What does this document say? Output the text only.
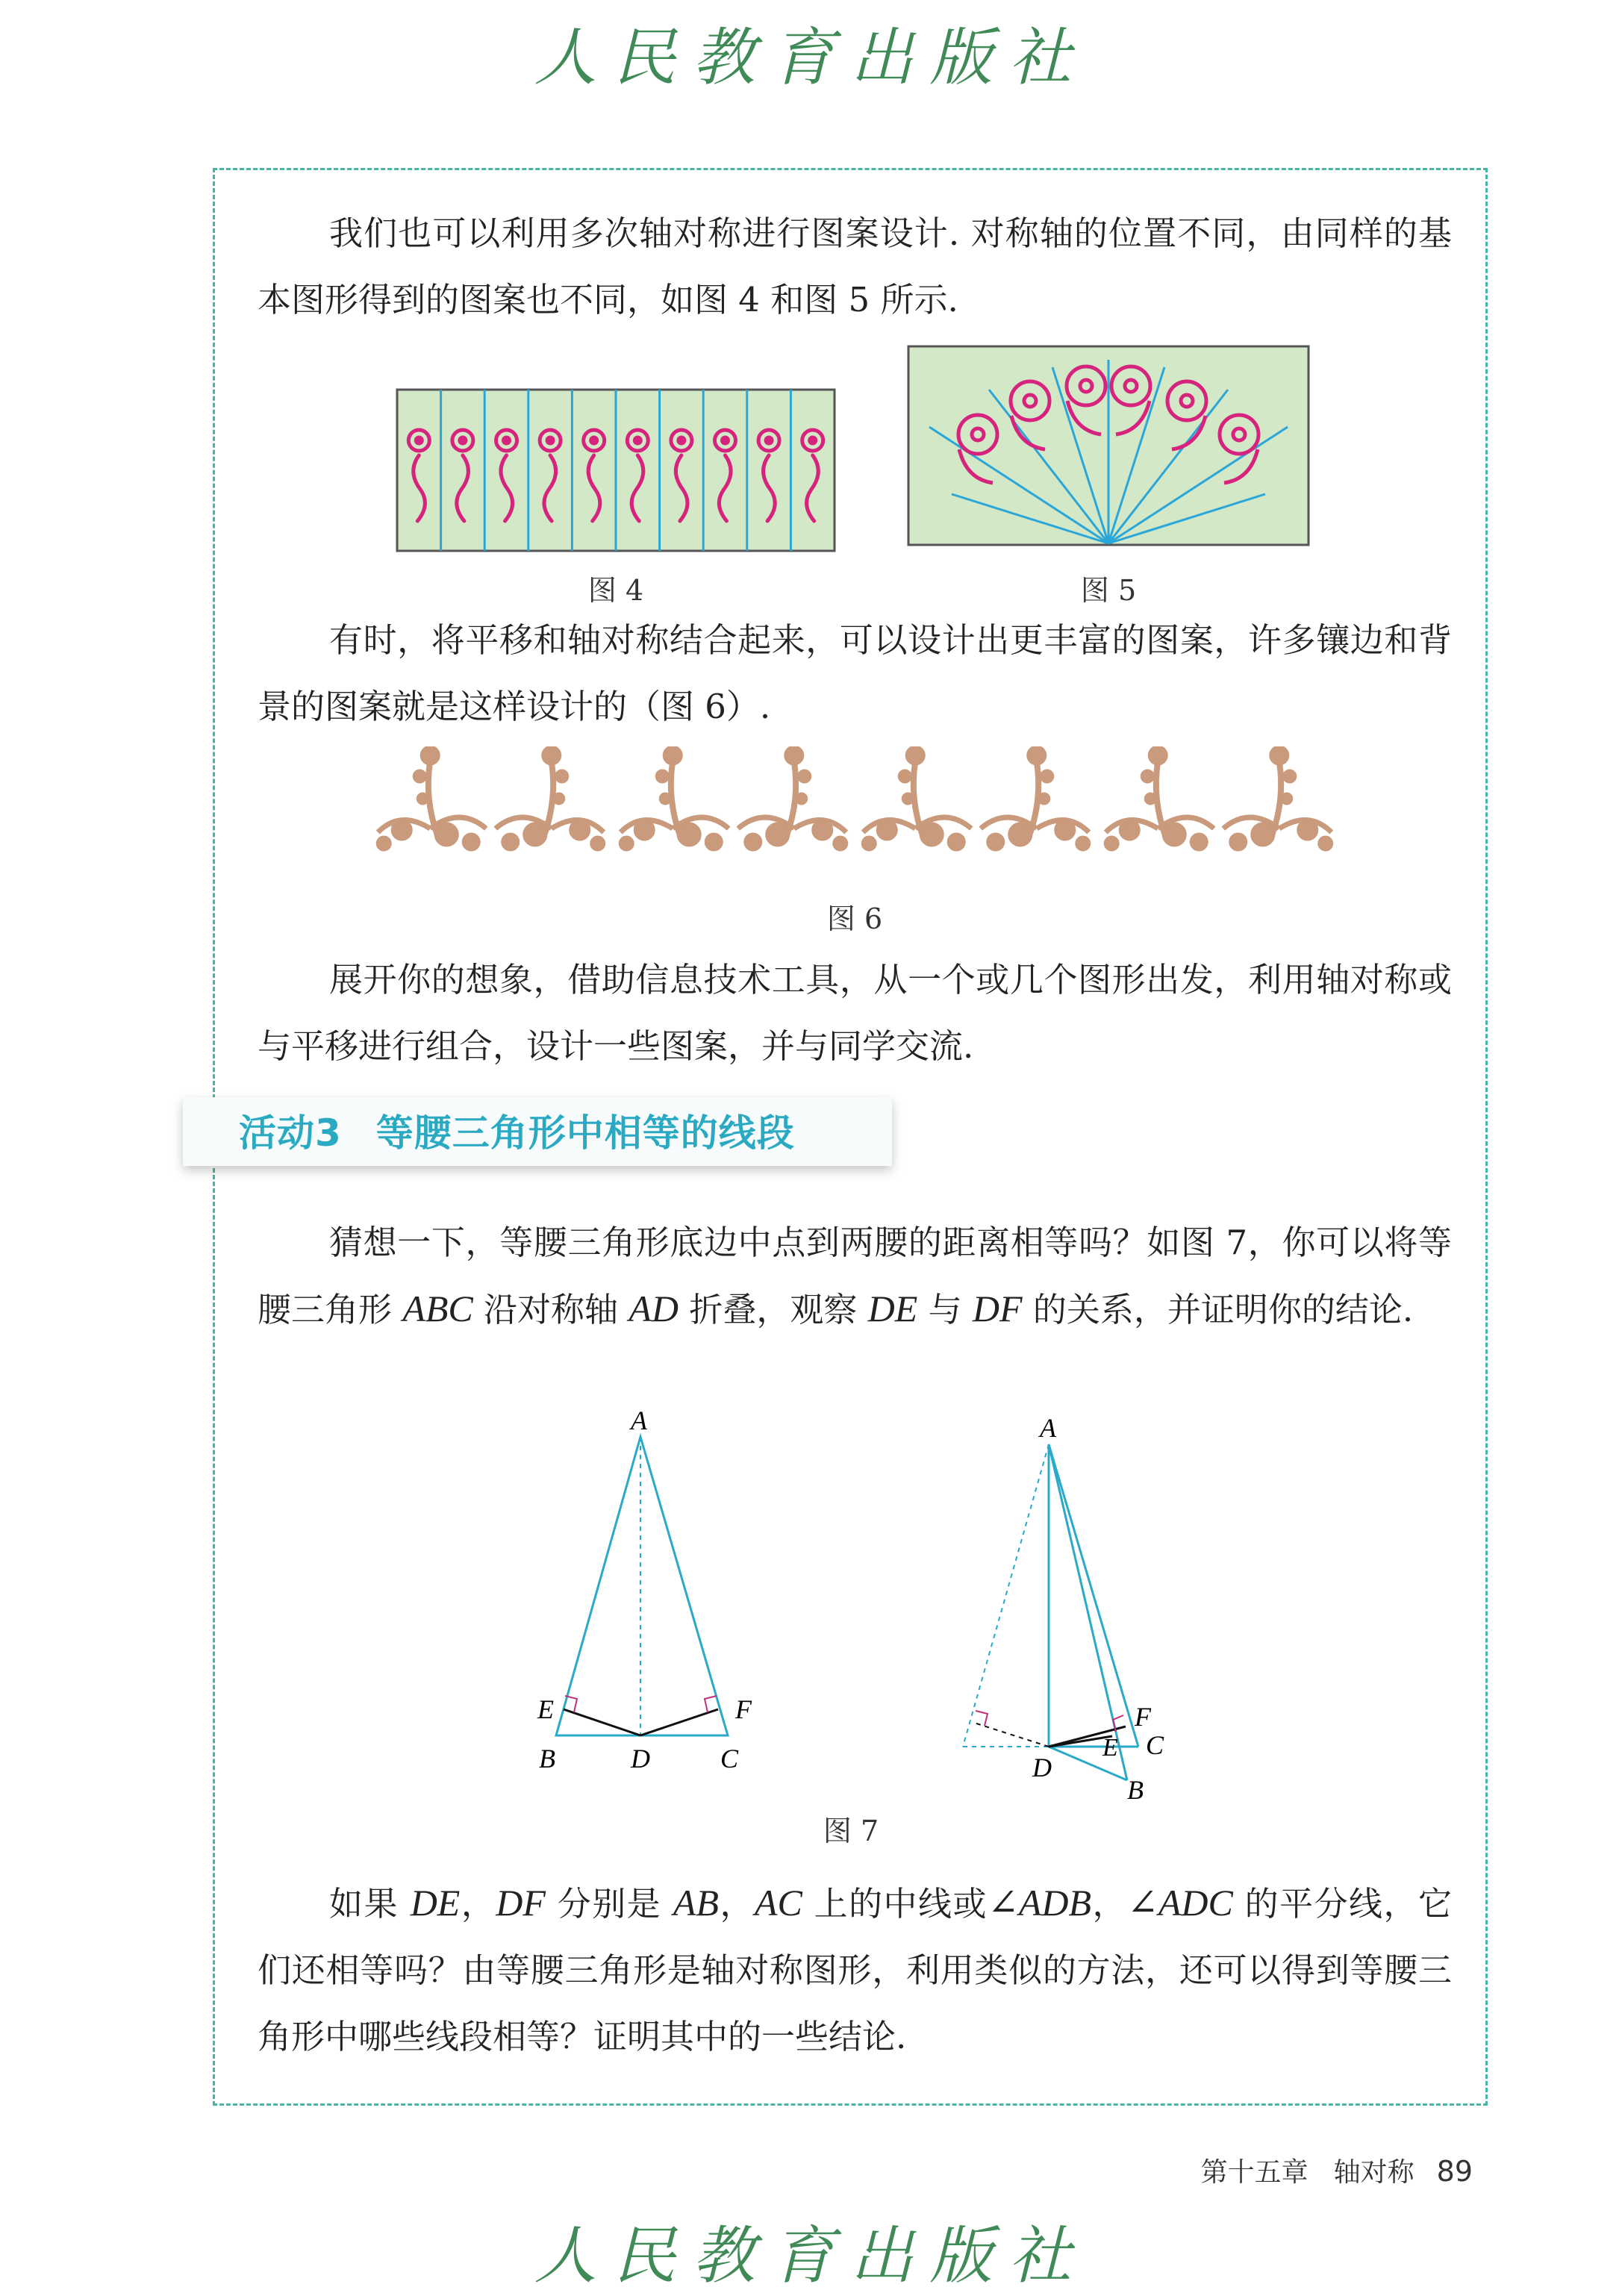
人民教育出版社
我们也可以利用多次轴对称进行图案设计. 对称轴的位置不同，由同样的基本图形得到的图案也不同，如图 4 和图 5 所示.
图 4	图 5
有时，将平移和轴对称结合起来，可以设计出更丰富的图案，许多镶边和背景的图案就是这样设计的（图 6）.
图 6
展开你的想象，借助信息技术工具，从一个或几个图形出发，利用轴对称或与平移进行组合，设计一些图案，并与同学交流.
活动3 等腰三角形中相等的线段
猜想一下，等腰三角形底边中点到两腰的距离相等吗？如图 7，你可以将等腰三角形 ABC 沿对称轴 AD 折叠，观察 DE 与 DF 的关系，并证明你的结论.
A
E	F
B	D	C
A
F
C
E
D
B
图 7
如果 DE，DF 分别是 AB，AC 上的中线或∠ADB，∠ADC 的平分线，它们还相等吗？由等腰三角形是轴对称图形，利用类似的方法，还可以得到等腰三角形中哪些线段相等？证明其中的一些结论.
第十五章 轴对称 89
人民教育出版社
